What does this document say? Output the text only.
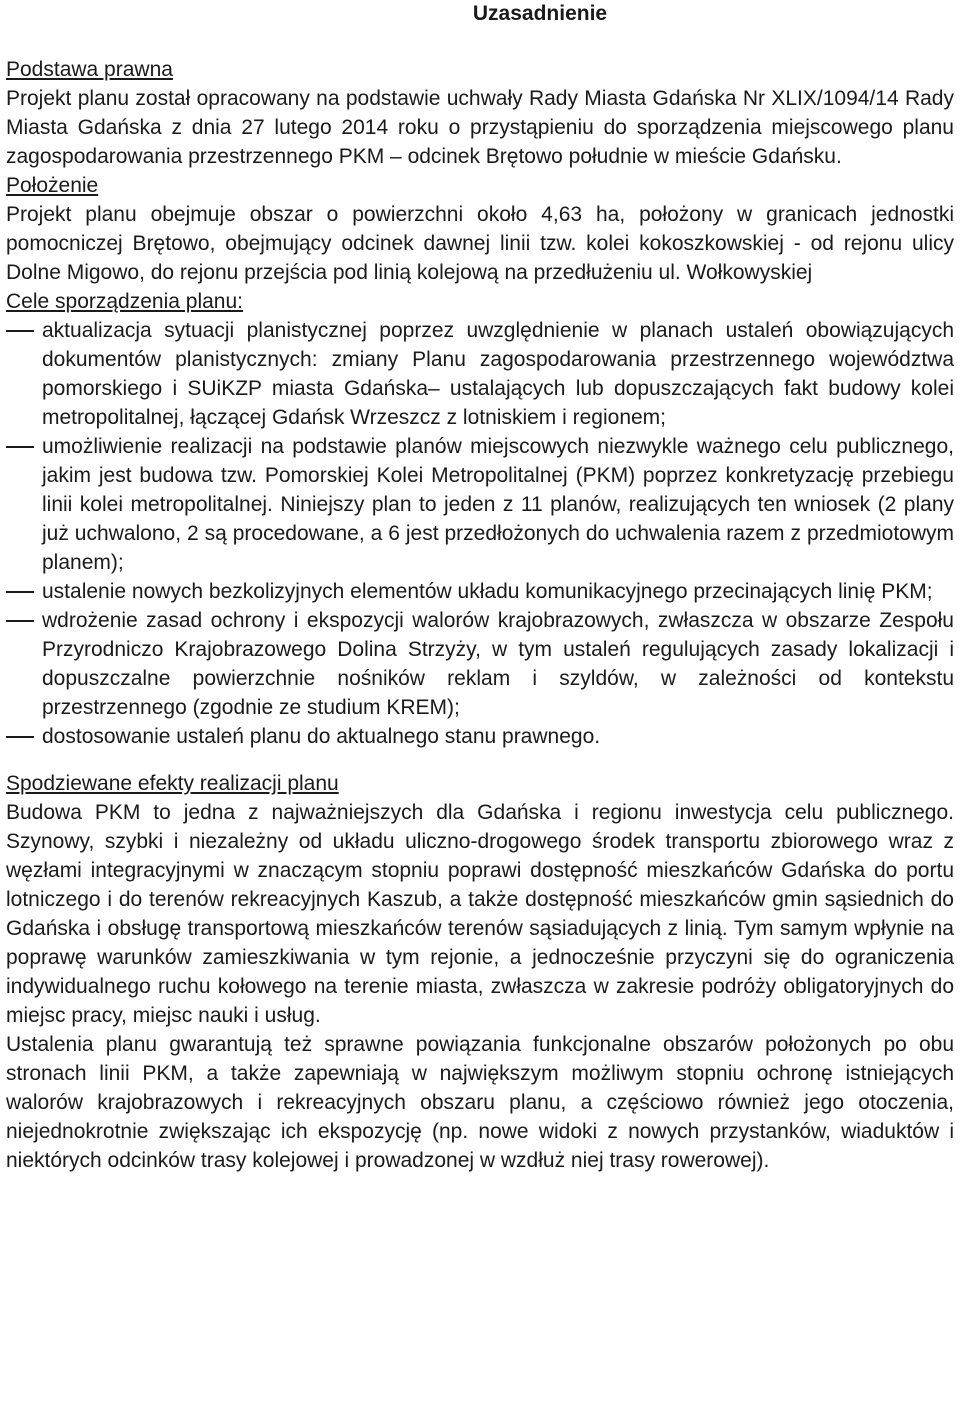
Uzasadnienie
Podstawa prawna

Projekt planu został opracowany na podstawie uchwały Rady Miasta Gdańska Nr XLIX/1094/14 Rady Miasta Gdańska z dnia 27 lutego 2014 roku o przystąpieniu do sporządzenia miejscowego planu zagospodarowania przestrzennego PKM ‒ odcinek Brętowo południe w mieście Gdańsku.

Położenie

Projekt planu obejmuje obszar o powierzchni około 4,63 ha, położony w granicach jednostki pomocniczej Brętowo, obejmujący odcinek dawnej linii tzw. kolei kokoszkowskiej - od rejonu ulicy Dolne Migowo, do rejonu przejścia pod linią kolejową na przedłużeniu ul. Wołkowyskiej

Cele sporządzenia planu:
aktualizacja sytuacji planistycznej poprzez uwzględnienie w planach ustaleń obowiązujących dokumentów planistycznych: zmiany Planu zagospodarowania przestrzennego województwa pomorskiego i SUiKZP miasta Gdańska‒ ustalających lub dopuszczających fakt budowy kolei metropolitalnej, łączącej Gdańsk Wrzeszcz z lotniskiem i regionem;
umożliwienie realizacji na podstawie planów miejscowych niezwykle ważnego celu publicznego, jakim jest budowa tzw. Pomorskiej Kolei Metropolitalnej (PKM) poprzez konkretyzację przebiegu linii kolei metropolitalnej. Niniejszy plan to jeden z 11 planów, realizujących ten wniosek (2 plany już uchwalono, 2 są procedowane, a 6 jest przedłożonych do uchwalenia razem z przedmiotowym planem);
ustalenie nowych bezkolizyjnych elementów układu komunikacyjnego przecinających linię PKM;
wdrożenie zasad ochrony i ekspozycji walorów krajobrazowych, zwłaszcza w obszarze Zespołu Przyrodniczo Krajobrazowego Dolina Strzyży, w tym ustaleń regulujących zasady lokalizacji i dopuszczalne powierzchnie nośników reklam i szyldów, w zależności od kontekstu przestrzennego (zgodnie ze studium KREM);
dostosowanie ustaleń planu do aktualnego stanu prawnego.
Spodziewane efekty realizacji planu

Budowa PKM to jedna z najważniejszych dla Gdańska i regionu inwestycja celu publicznego. Szynowy, szybki i niezależny od układu uliczno-drogowego środek transportu zbiorowego wraz z węzłami integracyjnymi w znaczącym stopniu poprawi dostępność mieszkańców Gdańska do portu lotniczego i do terenów rekreacyjnych Kaszub, a także dostępność mieszkańców gmin sąsiednich do Gdańska i obsługę transportową mieszkańców terenów sąsiadujących z linią. Tym samym wpłynie na poprawę warunków zamieszkiwania w tym rejonie, a jednocześnie przyczyni się do ograniczenia indywidualnego ruchu kołowego na terenie miasta, zwłaszcza w zakresie podróży obligatoryjnych do miejsc pracy, miejsc nauki i usług.

Ustalenia planu gwarantują też sprawne powiązania funkcjonalne obszarów położonych po obu stronach linii PKM, a także zapewniają w największym możliwym stopniu ochronę istniejących walorów krajobrazowych i rekreacyjnych obszaru planu, a częściowo również jego otoczenia, niejednokrotnie zwiększając ich ekspozycję (np. nowe widoki z nowych przystanków, wiaduktów i niektórych odcinków trasy kolejowej i prowadzonej w wzdłuż niej trasy rowerowej).
